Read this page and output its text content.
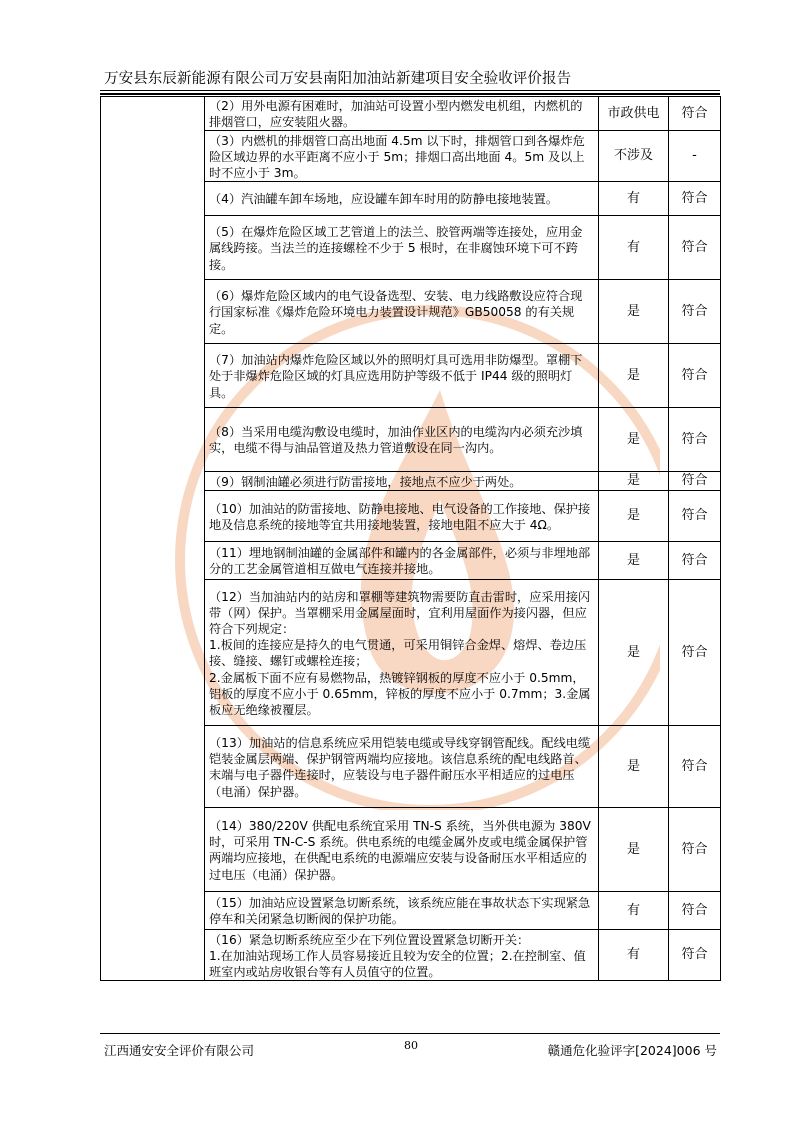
万安县东辰新能源有限公司万安县南阳加油站新建项目安全验收评价报告
	（2）用外电源有困难时，加油站可设置小型内燃发电机组，内燃机的排烟管口，应安装阻火器。	市政供电	符合
	（3）内燃机的排烟管口高出地面 4.5m 以下时，排烟管口到各爆炸危险区域边界的水平距离不应小于 5m；排烟口高出地面 4。5m 及以上时不应小于 3m。	不涉及	-
	（4）汽油罐车卸车场地，应设罐车卸车时用的防静电接地装置。	有	符合
	（5）在爆炸危险区域工艺管道上的法兰、胶管两端等连接处，应用金属线跨接。当法兰的连接螺栓不少于 5 根时，在非腐蚀环境下可不跨接。	有	符合
	（6）爆炸危险区域内的电气设备选型、安装、电力线路敷设应符合现行国家标准《爆炸危险环境电力装置设计规范》GB50058 的有关规定。	是	符合
	（7）加油站内爆炸危险区域以外的照明灯具可选用非防爆型。罩棚下处于非爆炸危险区域的灯具应选用防护等级不低于 IP44 级的照明灯具。	是	符合
	（8）当采用电缆沟敷设电缆时，加油作业区内的电缆沟内必须充沙填实，电缆不得与油品管道及热力管道敷设在同一沟内。	是	符合
	（9）钢制油罐必须进行防雷接地，接地点不应少于两处。	是	符合
	（10）加油站的防雷接地、防静电接地、电气设备的工作接地、保护接地及信息系统的接地等宜共用接地装置，接地电阻不应大于 4Ω。	是	符合
	（11）埋地钢制油罐的金属部件和罐内的各金属部件，必须与非埋地部分的工艺金属管道相互做电气连接并接地。	是	符合
	（12）当加油站内的站房和罩棚等建筑物需要防直击雷时，应采用接闪带（网）保护。当罩棚采用金属屋面时，宜利用屋面作为接闪器，但应符合下列规定：
1.板间的连接应是持久的电气贯通，可采用铜锌合金焊、熔焊、卷边压接、缝接、螺钉或螺栓连接；
2.金属板下面不应有易燃物品，热镀锌钢板的厚度不应小于 0.5mm，铝板的厚度不应小于 0.65mm，锌板的厚度不应小于 0.7mm；3.金属板应无绝缘被覆层。	是	符合
	（13）加油站的信息系统应采用铠装电缆或导线穿钢管配线。配线电缆铠装金属层两端、保护钢管两端均应接地。该信息系统的配电线路首、末端与电子器件连接时，应装设与电子器件耐压水平相适应的过电压（电涌）保护器。	是	符合
	（14）380/220V 供配电系统宜采用 TN-S 系统，当外供电源为 380V 时，可采用 TN-C-S 系统。供电系统的电缆金属外皮或电缆金属保护管两端均应接地，在供配电系统的电源端应安装与设备耐压水平相适应的过电压（电涌）保护器。	是	符合
	（15）加油站应设置紧急切断系统，该系统应能在事故状态下实现紧急停车和关闭紧急切断阀的保护功能。	有	符合
	（16）紧急切断系统应至少在下列位置设置紧急切断开关：
1.在加油站现场工作人员容易接近且较为安全的位置；2.在控制室、值班室内或站房收银台等有人员值守的位置。	有	符合
江西通安安全评价有限公司	80	赣通危化验评字[2024]006 号
